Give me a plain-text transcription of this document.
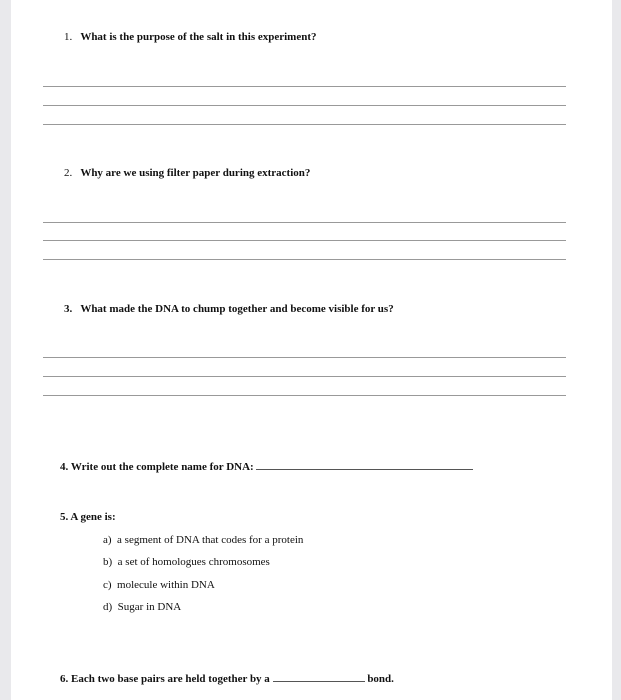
1. What is the purpose of the salt in this experiment?
2. Why are we using filter paper during extraction?
3. What made the DNA to chump together and become visible for us?
4. Write out the complete name for DNA:
5. A gene is:
a) a segment of DNA that codes for a protein
b) a set of homologues chromosomes
c) molecule within DNA
d) Sugar in DNA
6. Each two base pairs are held together by a	bond.
